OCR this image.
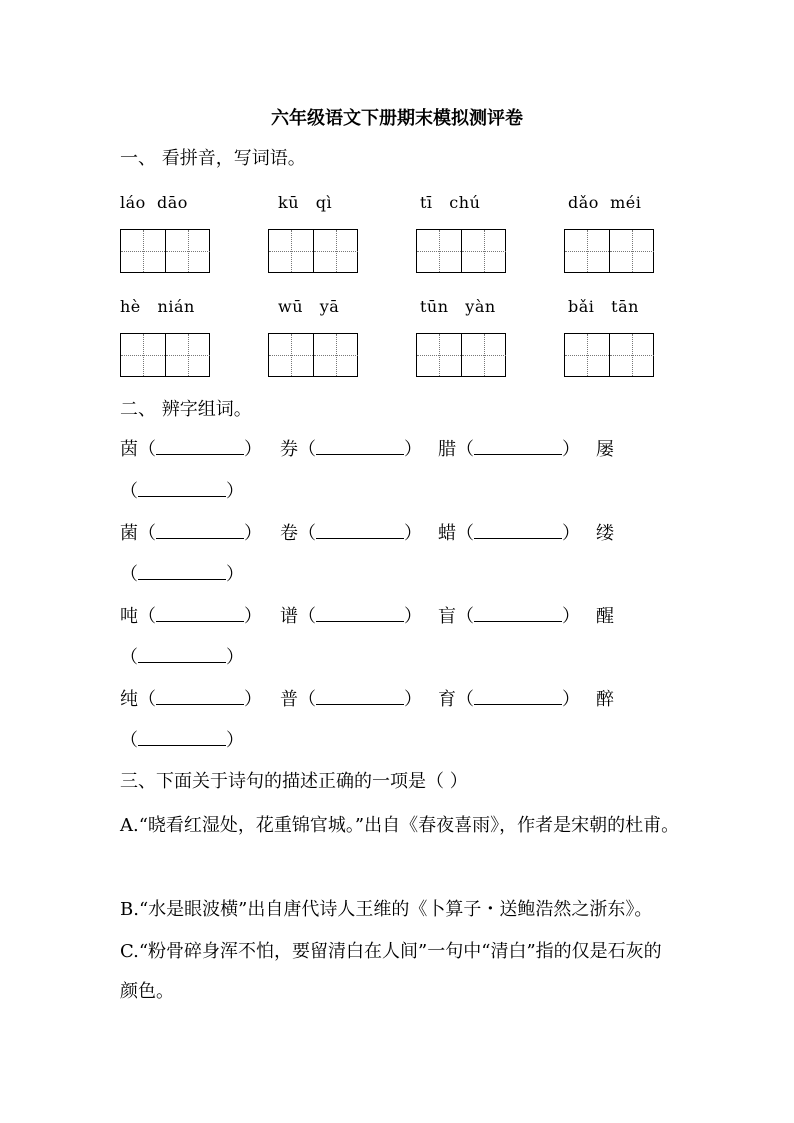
六年级语文下册期末模拟测评卷
一、 看拼音，写词语。
láo  dāo	kū   qì	tī   chú	dǎo  méi
hè   nián	wū   yā	tūn   yàn	bǎi   tān
二、 辨字组词。
茵（	） 券（	） 腊（	） 屡
（	）
菌（	） 卷（	） 蜡（	） 缕
（	）
吨（	） 谱（	） 盲（	） 醒
（	）
纯（	） 普（	） 育（	） 醉
（	）
三、下面关于诗句的描述正确的一项是（ ）
A.“晓看红湿处，花重锦官城。”出自《春夜喜雨》，作者是宋朝的杜甫。
B.“水是眼波横”出自唐代诗人王维的《卜算子・送鲍浩然之浙东》。
C.“粉骨碎身浑不怕，要留清白在人间”一句中“清白”指的仅是石灰的 颜色。
